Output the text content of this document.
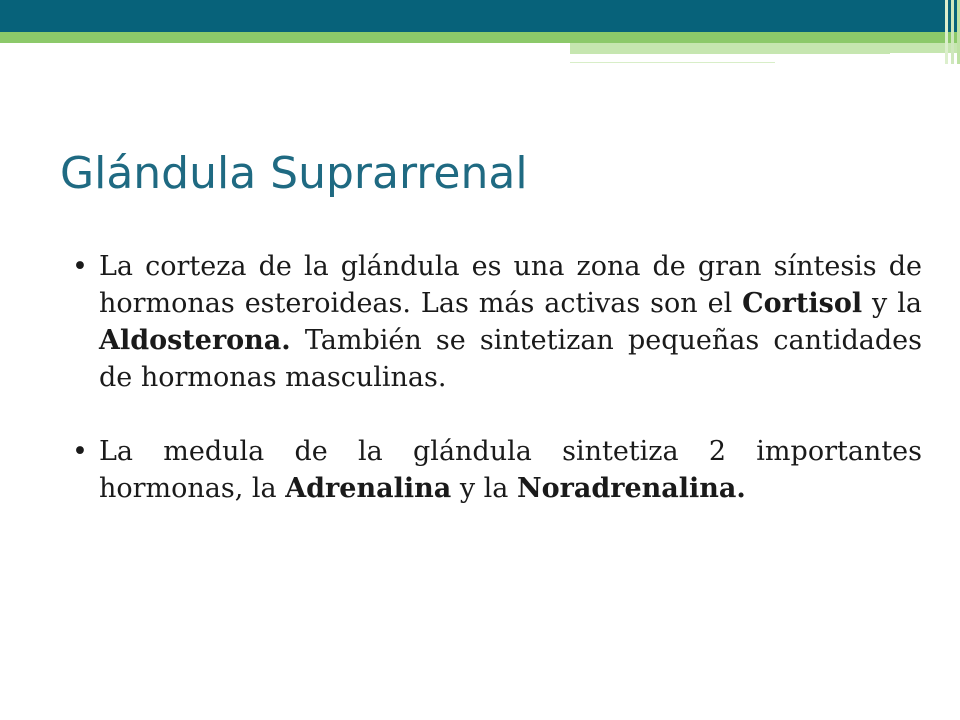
Glándula Suprarrenal
• La corteza de la glándula es una zona de gran síntesis de hormonas esteroideas. Las más activas son el Cortisol y la Aldosterona. También se sintetizan pequeñas cantidades de hormonas masculinas.
• La medula de la glándula sintetiza 2 importantes hormonas, la Adrenalina y la Noradrenalina.
